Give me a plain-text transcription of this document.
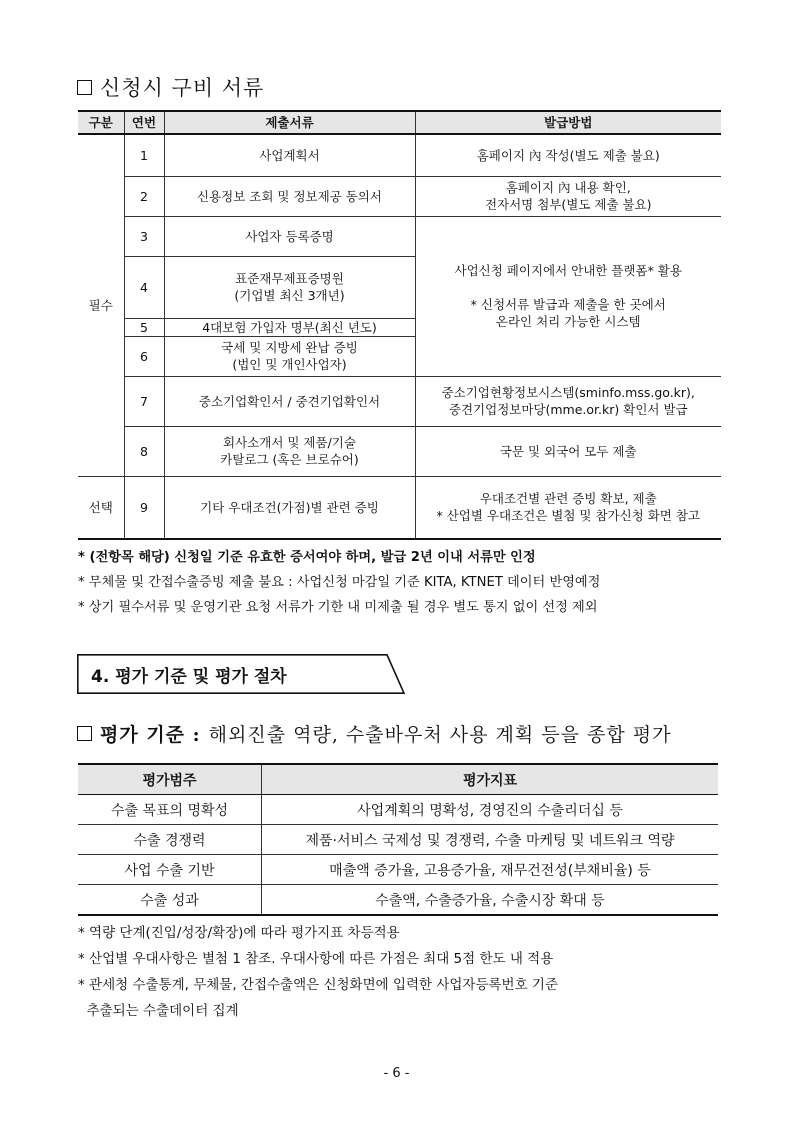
신청시 구비 서류
구분	연번	제출서류	발급방법
필수	1	사업계획서	홈페이지 內 작성(별도 제출 불요)
	2	신용정보 조회 및 정보제공 동의서	홈페이지 內 내용 확인,
전자서명 첨부(별도 제출 불요)
	3	사업자 등록증명	사업신청 페이지에서 안내한 플랫폼* 활용

* 신청서류 발급과 제출을 한 곳에서
온라인 처리 가능한 시스템
	4	표준재무제표증명원
(기업별 최신 3개년)	
	5	4대보험 가입자 명부(최신 년도)	
	6	국세 및 지방세 완납 증빙
(법인 및 개인사업자)	
	7	중소기업확인서 / 중견기업확인서	중소기업현황정보시스템(sminfo.mss.go.kr),
중견기업정보마당(mme.or.kr) 확인서 발급
	8	회사소개서 및 제품/기술
카탈로그 (혹은 브로슈어)	국문 및 외국어 모두 제출
선택	9	기타 우대조건(가점)별 관련 증빙	우대조건별 관련 증빙 확보, 제출
* 산업별 우대조건은 별첨 및 참가신청 화면 참고
* (전항목 해당) 신청일 기준 유효한 증서여야 하며, 발급 2년 이내 서류만 인정
* 무체물 및 간접수출증빙 제출 불요 : 사업신청 마감일 기준 KITA, KTNET 데이터 반영예정
* 상기 필수서류 및 운영기관 요청 서류가 기한 내 미제출 될 경우 별도 통지 없이 선정 제외
4. 평가 기준 및 평가 절차
평가 기준 : 해외진출 역량, 수출바우처 사용 계획 등을 종합 평가
평가범주	평가지표
수출 목표의 명확성	사업계획의 명확성, 경영진의 수출리더십 등
수출 경쟁력	제품·서비스 국제성 및 경쟁력, 수출 마케팅 및 네트워크 역량
사업 수출 기반	매출액 증가율, 고용증가율, 재무건전성(부채비율) 등
수출 성과	수출액, 수출증가율, 수출시장 확대 등
* 역량 단계(진입/성장/확장)에 따라 평가지표 차등적용
* 산업별 우대사항은 별첨 1 참조. 우대사항에 따른 가점은 최대 5점 한도 내 적용
* 관세청 수출통계, 무체물, 간접수출액은 신청화면에 입력한 사업자등록번호 기준
추출되는 수출데이터 집계
- 6 -
